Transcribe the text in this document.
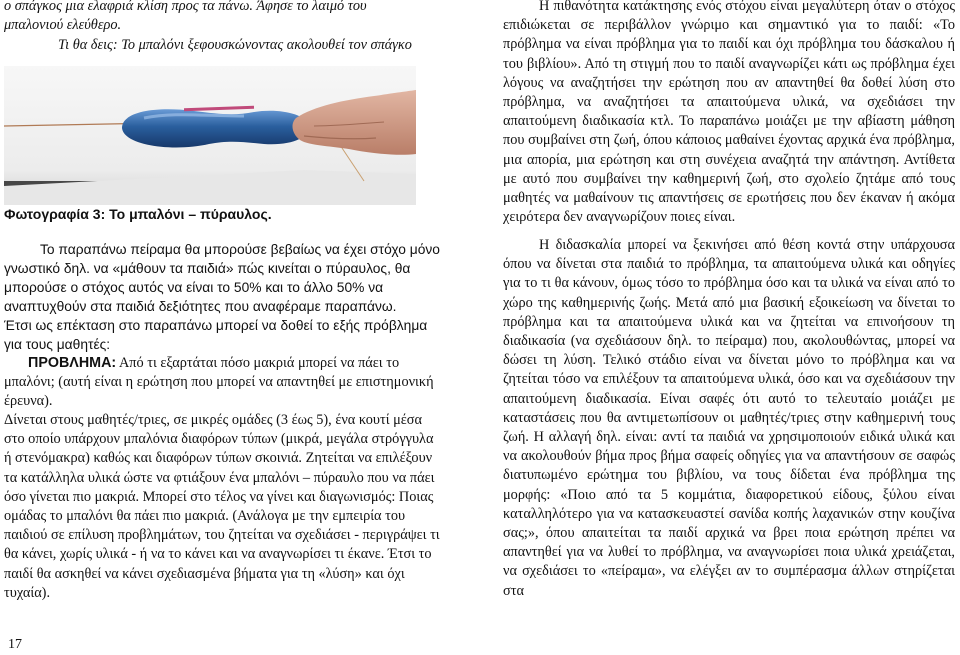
ο σπάγκος μια ελαφριά κλίση προς τα πάνω. Άφησε το λαιμό του

μπαλονιού ελεύθερο.

Τι θα δεις: Το μπαλόνι ξεφουσκώνοντας ακολουθεί τον σπάγκο

Φωτογραφία 3: Το μπαλόνι – πύραυλος.

Το παραπάνω πείραμα θα μπορούσε βεβαίως να έχει στόχο μόνο γνωστικό δηλ. να «μάθουν τα παιδιά» πώς κινείται ο πύραυλος, θα μπορούσε ο στόχος αυτός να είναι το 50% και το άλλο 50% να αναπτυχθούν στα παιδιά δεξιότητες που αναφέραμε παραπάνω.

Έτσι ως επέκταση στο παραπάνω μπορεί να δοθεί το εξής πρόβλημα για τους μαθητές:

ΠΡΟΒΛΗΜΑ: Από τι εξαρτάται πόσο μακριά μπορεί να πάει το μπαλόνι; (αυτή είναι η ερώτηση που μπορεί να απαντηθεί με επιστημονική έρευνα).

Δίνεται στους μαθητές/τριες, σε μικρές ομάδες (3 έως 5), ένα κουτί μέσα στο οποίο υπάρχουν μπαλόνια διαφόρων τύπων (μικρά, μεγάλα στρόγγυλα ή στενόμακρα) καθώς και διαφόρων τύπων σκοινιά. Ζητείται να επιλέξουν τα κατάλληλα υλικά ώστε να φτιάξουν ένα μπαλόνι – πύραυλο που να πάει όσο γίνεται πιο μακριά. Μπορεί στο τέλος να γίνει και διαγωνισμός: Ποιας ομάδας το μπαλόνι θα πάει πιο μακριά. (Ανάλογα με την εμπειρία του παιδιού σε επίλυση προβλημάτων, του ζητείται να σχεδιάσει - περιγράψει τι θα κάνει, χωρίς υλικά - ή να το κάνει και να αναγνωρίσει τι έκανε. Έτσι το παιδί θα ασκηθεί να κάνει σχεδιασμένα βήματα για τη «λύση» και όχι τυχαία).

17

Η πιθανότητα κατάκτησης ενός στόχου είναι μεγαλύτερη όταν ο στόχος επιδιώκεται σε περιβάλλον γνώριμο και σημαντικό για το παιδί: «Το πρόβλημα να είναι πρόβλημα για το παιδί και όχι πρόβλημα του δάσκαλου ή του βιβλίου». Από τη στιγμή που το παιδί αναγνωρίζει κάτι ως πρόβλημα έχει λόγους να αναζητήσει την ερώτηση που αν απαντηθεί θα δοθεί λύση στο πρόβλημα, να αναζητήσει τα απαιτούμενα υλικά, να σχεδιάσει την απαιτούμενη διαδικασία κτλ. Το παραπάνω μοιάζει με την αβίαστη μάθηση που συμβαίνει στη ζωή, όπου κάποιος μαθαίνει έχοντας αρχικά ένα πρόβλημα, μια απορία, μια ερώτηση και στη συνέχεια αναζητά την απάντηση. Αντίθετα με αυτό που συμβαίνει την καθημερινή ζωή, στο σχολείο ζητάμε από τους μαθητές να μαθαίνουν τις απαντήσεις σε ερωτήσεις που δεν έκαναν ή ακόμα χειρότερα δεν αναγνωρίζουν ποιες είναι.

Η διδασκαλία μπορεί να ξεκινήσει από θέση κοντά στην υπάρχουσα όπου να δίνεται στα παιδιά το πρόβλημα, τα απαιτούμενα υλικά και οδηγίες για το τι θα κάνουν, όμως τόσο το πρόβλημα όσο και τα υλικά να είναι από το χώρο της καθημερινής ζωής. Μετά από μια βασική εξοικείωση να δίνεται το πρόβλημα και τα απαιτούμενα υλικά και να ζητείται να επινοήσουν τη διαδικασία (να σχεδιάσουν δηλ. το πείραμα) που, ακολουθώντας, μπορεί να δώσει τη λύση. Τελικό στάδιο είναι να δίνεται μόνο το πρόβλημα και να ζητείται τόσο να επιλέξουν τα απαιτούμενα υλικά, όσο και να σχεδιάσουν την απαιτούμενη διαδικασία. Είναι σαφές ότι αυτό το τελευταίο μοιάζει με καταστάσεις που θα αντιμετωπίσουν οι μαθητές/τριες στην καθημερινή τους ζωή. Η αλλαγή δηλ. είναι: αντί τα παιδιά να χρησιμοποιούν ειδικά υλικά και να ακολουθούν βήμα προς βήμα σαφείς οδηγίες για να απαντήσουν σε σαφώς διατυπωμένο ερώτημα του βιβλίου, να τους δίδεται ένα πρόβλημα της μορφής: «Ποιο από τα 5 κομμάτια, διαφορετικού είδους, ξύλου είναι καταλληλότερο για να κατασκευαστεί σανίδα κοπής λαχανικών στην κουζίνα σας;», όπου απαιτείται τα παιδί αρχικά να βρει ποια ερώτηση πρέπει να απαντηθεί για να λυθεί το πρόβλημα, να αναγνωρίσει ποια υλικά χρειάζεται, να σχεδιάσει το «πείραμα», να ελέγξει αν το συμπέρασμα άλλων στηρίζεται στα
